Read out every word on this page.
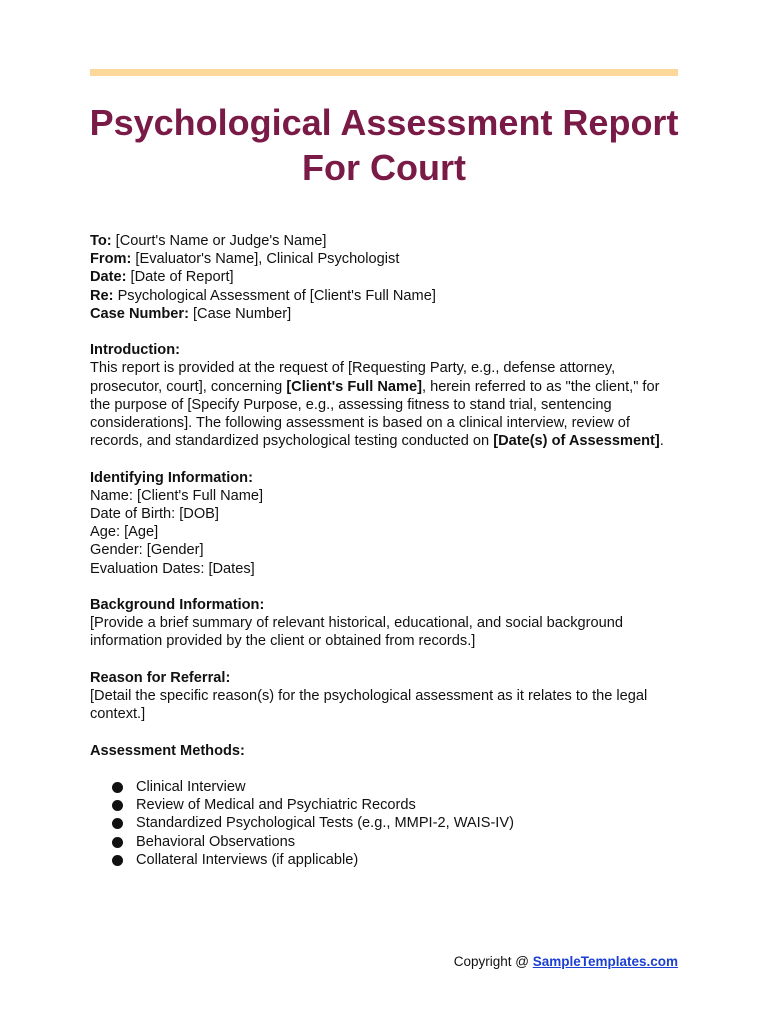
Psychological Assessment Report For Court

To: [Court's Name or Judge's Name]

From: [Evaluator's Name], Clinical Psychologist

Date: [Date of Report]

Re: Psychological Assessment of [Client's Full Name]

Case Number: [Case Number]

Introduction:

This report is provided at the request of [Requesting Party, e.g., defense attorney, prosecutor, court], concerning [Client's Full Name], herein referred to as "the client," for the purpose of [Specify Purpose, e.g., assessing fitness to stand trial, sentencing considerations]. The following assessment is based on a clinical interview, review of records, and standardized psychological testing conducted on [Date(s) of Assessment].

Identifying Information:

Name: [Client's Full Name]

Date of Birth: [DOB]

Age: [Age]

Gender: [Gender]

Evaluation Dates: [Dates]

Background Information:

[Provide a brief summary of relevant historical, educational, and social background information provided by the client or obtained from records.]

Reason for Referral:

[Detail the specific reason(s) for the psychological assessment as it relates to the legal context.]

Assessment Methods:

Clinical Interview
Review of Medical and Psychiatric Records
Standardized Psychological Tests (e.g., MMPI-2, WAIS-IV)
Behavioral Observations
Collateral Interviews (if applicable)
Copyright @ SampleTemplates.com
